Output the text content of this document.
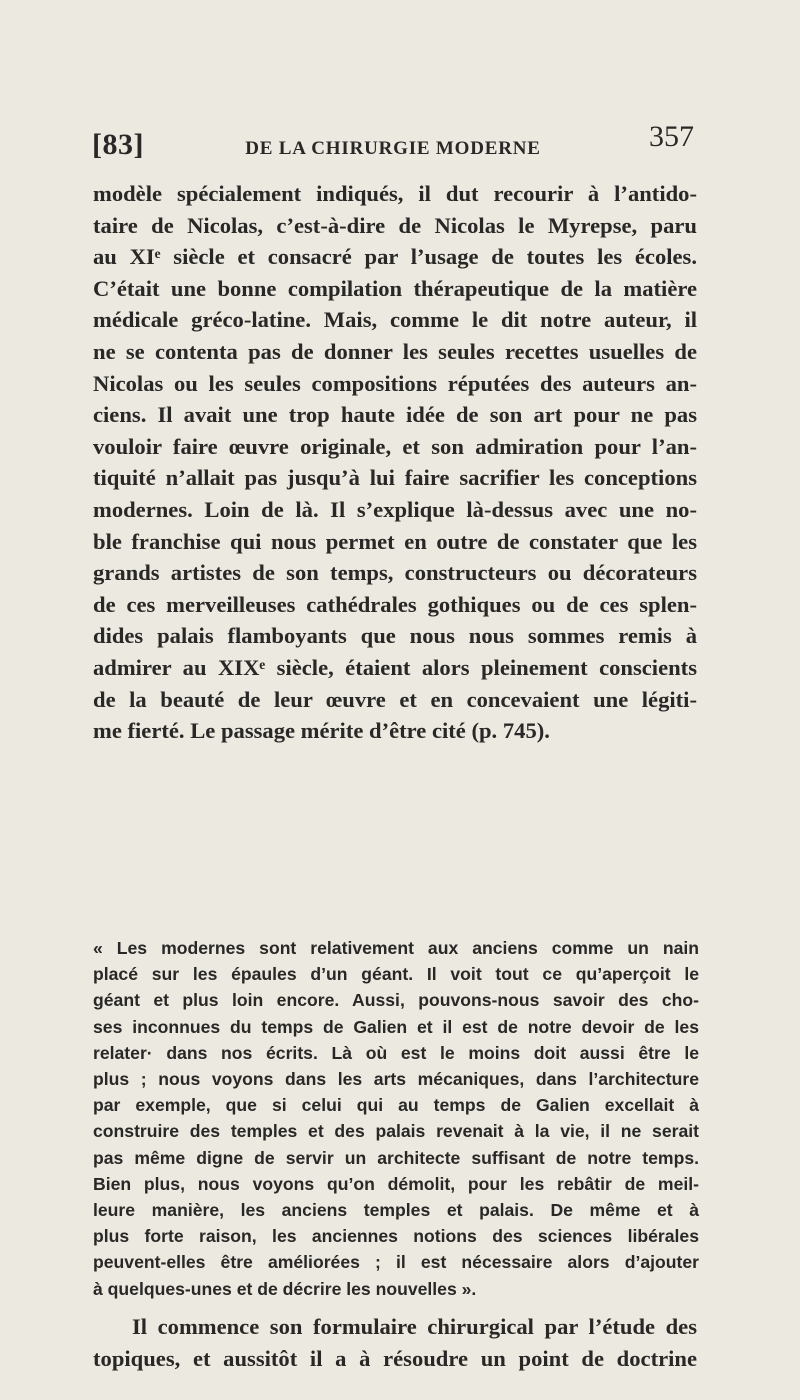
[83]	DE LA CHIRURGIE MODERNE	357
modèle spécialement indiqués, il dut recourir à l’antido-
taire de Nicolas, c’est-à-dire de Nicolas le Myrepse, paru
au XIᵉ siècle et consacré par l’usage de toutes les écoles.
C’était une bonne compilation thérapeutique de la matière
médicale gréco-latine. Mais, comme le dit notre auteur, il
ne se contenta pas de donner les seules recettes usuelles de
Nicolas ou les seules compositions réputées des auteurs an-
ciens. Il avait une trop haute idée de son art pour ne pas
vouloir faire œuvre originale, et son admiration pour l’an-
tiquité n’allait pas jusqu’à lui faire sacrifier les conceptions
modernes. Loin de là. Il s’explique là-dessus avec une no-
ble franchise qui nous permet en outre de constater que les
grands artistes de son temps, constructeurs ou décorateurs
de ces merveilleuses cathédrales gothiques ou de ces splen-
dides palais flamboyants que nous nous sommes remis à
admirer au XIXᵉ siècle, étaient alors pleinement conscients
de la beauté de leur œuvre et en concevaient une légiti-
me fierté. Le passage mérite d’être cité (p. 745).
« Les modernes sont relativement aux anciens comme un nain
placé sur les épaules d’un géant. Il voit tout ce qu’aperçoit le
géant et plus loin encore. Aussi, pouvons-nous savoir des cho-
ses inconnues du temps de Galien et il est de notre devoir de les
relater· dans nos écrits. Là où est le moins doit aussi être le
plus ; nous voyons dans les arts mécaniques, dans l’architecture
par exemple, que si celui qui au temps de Galien excellait à
construire des temples et des palais revenait à la vie, il ne serait
pas même digne de servir un architecte suffisant de notre temps.
Bien plus, nous voyons qu’on démolit, pour les rebâtir de meil-
leure manière, les anciens temples et palais. De même et à
plus forte raison, les anciennes notions des sciences libérales
peuvent-elles être améliorées ; il est nécessaire alors d’ajouter
à quelques-unes et de décrire les nouvelles ».
Il commence son formulaire chirurgical par l’étude des
topiques, et aussitôt il a à résoudre un point de doctrine
